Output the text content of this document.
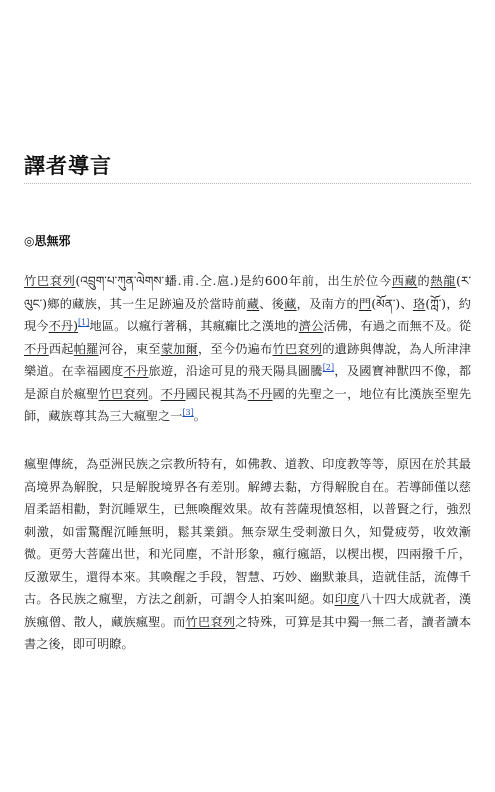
譯者導言

◎思無邪

竹巴袞列(འབྲུག་པ་ཀུན་ལེགས་蟠.甫.仝.扈.)是約600年前，出生於位今西藏的熱龍(ར་ལུང་)鄉的藏族，其一生足跡遍及於當時前藏、後藏，及南方的門(མོན་)、珞(ཀློ་)，約現今不丹)[1]地區。以瘋行著稱，其瘋癲比之漢地的濟公活佛，有過之而無不及。從不丹西起帕羅河谷，東至蒙加爾，至今仍遍布竹巴袞列的遺跡與傳說，為人所津津樂道。在幸福國度不丹旅遊，沿途可見的飛天陽具圖騰[2]，及國寶神獸四不像，都是源自於瘋聖竹巴袞列。不丹國民視其為不丹國的先聖之一，地位有比漢族至聖先師，藏族尊其為三大瘋聖之一[3]。

瘋聖傳統，為亞洲民族之宗教所特有，如佛教、道教、印度教等等，原因在於其最高境界為解脫，只是解脫境界各有差別。解縛去黏，方得解脫自在。若導師僅以慈眉柔語相勸，對沉睡眾生，已無喚醒效果。故有菩薩現憤怒相，以普賢之行，強烈刺激，如雷驚醒沉睡無明，鬆其業鎖。無奈眾生受刺激日久，知覺疲勞，收效漸微。更勞大菩薩出世，和光同塵，不計形象，瘋行瘋語，以楔出楔，四兩撥千斤，反激眾生，還得本來。其喚醒之手段，智慧、巧妙、幽默兼具，造就佳話，流傳千古。各民族之瘋聖，方法之創新，可謂令人拍案叫絕。如印度八十四大成就者，漢族瘋僧、散人，藏族瘋聖。而竹巴袞列之特殊，可算是其中獨一無二者，讀者讀本書之後，即可明瞭。
